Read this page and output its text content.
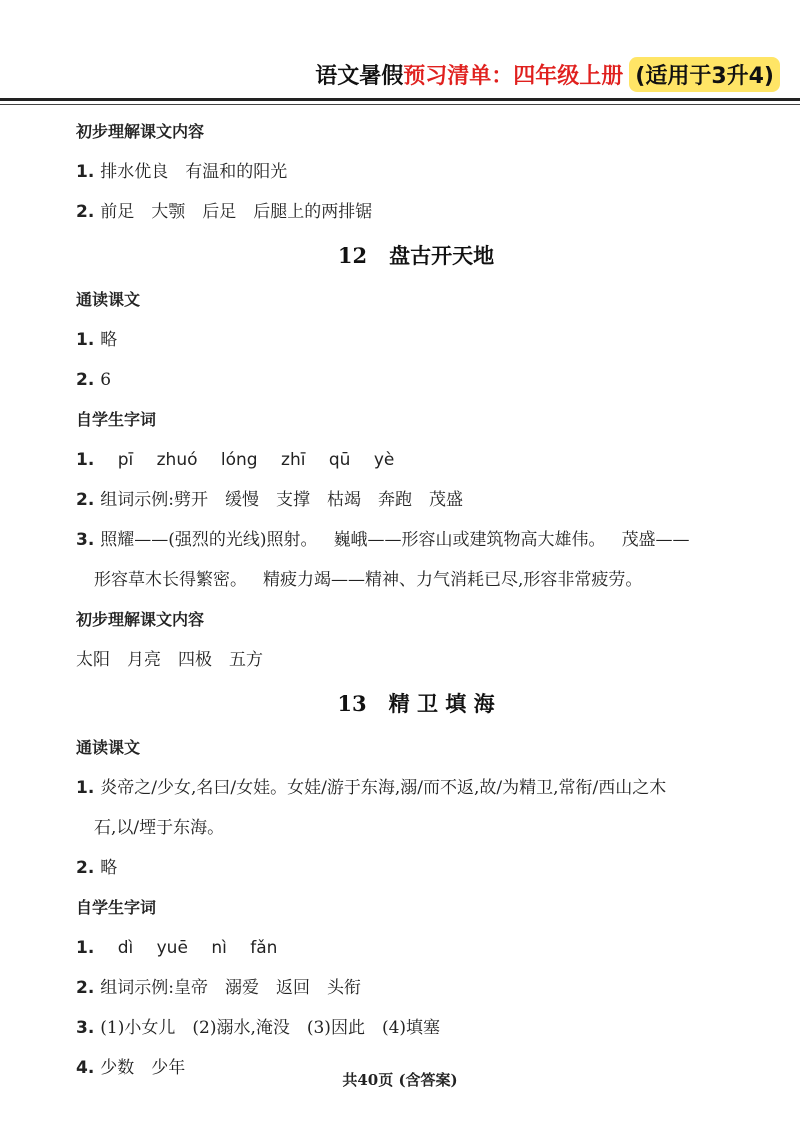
语文暑假 预习清单：四年级上册 (适用于3升4)
初步理解课文内容
1. 排水优良　有温和的阳光
2. 前足　大颚　后足　后腿上的两排锯
12 盘古开天地
通读课文
1. 略
2. 6
自学生字词
1. pī zhuó lóng zhī qū yè
2. 组词示例:劈开　缓慢　支撑　枯竭　奔跑　茂盛
3. 照耀——(强烈的光线)照射。 巍峨——形容山或建筑物高大雄伟。 茂盛——
形容草木长得繁密。 精疲力竭——精神、力气消耗已尽,形容非常疲劳。
初步理解课文内容
太阳　月亮　四极　五方
13 精 卫 填 海
通读课文
1. 炎帝之/少女,名曰/女娃。女娃/游于东海,溺/而不返,故/为精卫,常衔/西山之木
石,以/堙于东海。
2. 略
自学生字词
1. dì yuē nì fǎn
2. 组词示例:皇帝　溺爱　返回　头衔
3. (1)小女儿　(2)溺水,淹没　(3)因此　(4)填塞
4. 少数　少年
共40页 (含答案)
